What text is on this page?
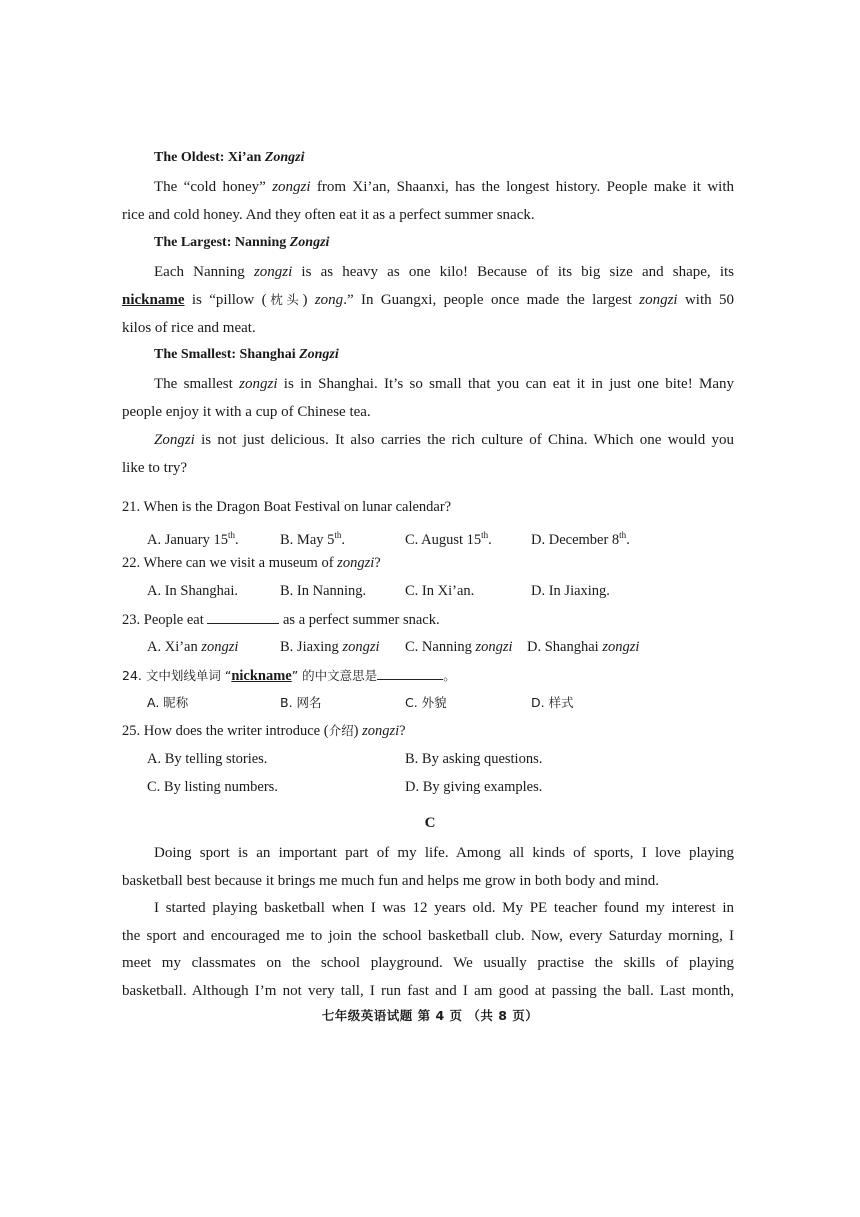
The Oldest: Xi’an Zongzi
The “cold honey” zongzi from Xi’an, Shaanxi, has the longest history. People make it with
rice and cold honey. And they often eat it as a perfect summer snack.
The Largest: Nanning Zongzi
Each Nanning zongzi is as heavy as one kilo! Because of its big size and shape, its
nickname is “pillow (枕头) zong.” In Guangxi, people once made the largest zongzi with 50
kilos of rice and meat.
The Smallest: Shanghai Zongzi
The smallest zongzi is in Shanghai. It’s so small that you can eat it in just one bite! Many
people enjoy it with a cup of Chinese tea.
Zongzi is not just delicious. It also carries the rich culture of China. Which one would you
like to try?
21. When is the Dragon Boat Festival on lunar calendar?
A. January 15th.	B. May 5th.	C. August 15th.	D. December 8th.
22. Where can we visit a museum of zongzi?
A. In Shanghai.	B. In Nanning.	C. In Xi’an.	D. In Jiaxing.
23. People eat	as a perfect summer snack.
A. Xi’an zongzi	B. Jiaxing zongzi C. Nanning zongzi D. Shanghai zongzi
24. 文中划线单词 “nickname” 的中文意思是	。
A. 昵称	B. 网名	C. 外貌	D. 样式
25. How does the writer introduce (介绍) zongzi?
A. By telling stories.	B. By asking questions.
C. By listing numbers.	D. By giving examples.
C
Doing sport is an important part of my life. Among all kinds of sports, I love playing
basketball best because it brings me much fun and helps me grow in both body and mind.
I started playing basketball when I was 12 years old. My PE teacher found my interest in
the sport and encouraged me to join the school basketball club. Now, every Saturday morning, I
meet my classmates on the school playground. We usually practise the skills of playing
basketball. Although I’m not very tall, I run fast and I am good at passing the ball. Last month,
七年级英语试题 第 4 页 （共 8 页）
